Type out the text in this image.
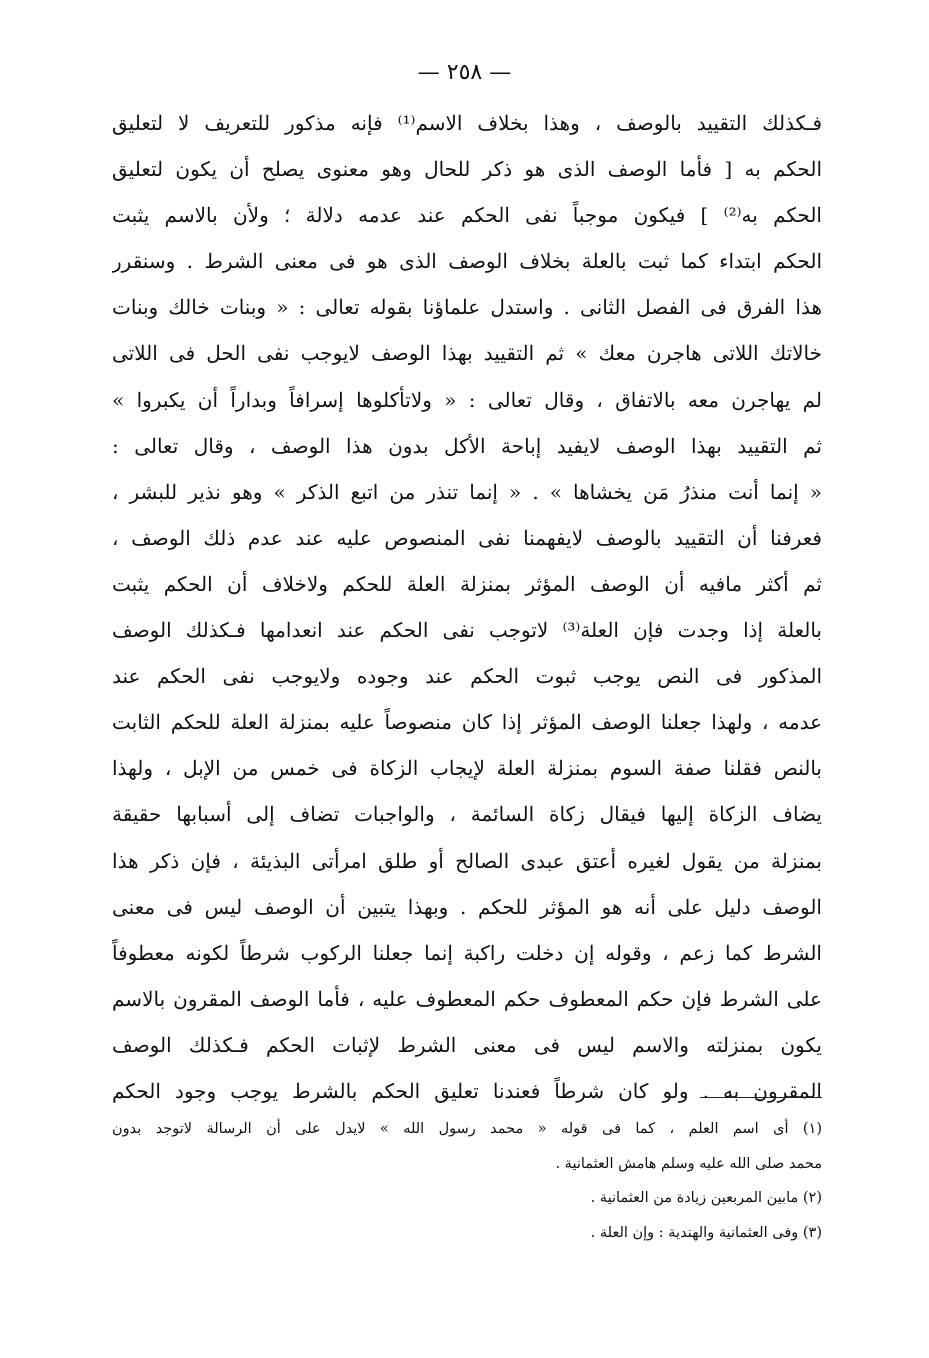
— ٢٥٨ —
فـكذلك التقييد بالوصف ، وهذا بخلاف الاسم⁽¹⁾ فإنه مذكور للتعريف لا لتعليق
الحكم به [ فأما الوصف الذى هو ذكر للحال وهو معنوى يصلح أن يكون لتعليق
الحكم به⁽²⁾ ] فيكون موجباً نفى الحكم عند عدمه دلالة ؛ ولأن بالاسم يثبت
الحكم ابتداء كما ثبت بالعلة بخلاف الوصف الذى هو فى معنى الشرط . وسنقرر
هذا الفرق فى الفصل الثانى . واستدل علماؤنا بقوله تعالى : « وبنات خالك وبنات
خالاتك اللاتى هاجرن معك » ثم التقييد بهذا الوصف لايوجب نفى الحل فى اللاتى
لم يهاجرن معه بالاتفاق ، وقال تعالى : « ولاتأكلوها إسرافاً وبداراً أن يكبروا »
ثم التقييد بهذا الوصف لايفيد إباحة الأكل بدون هذا الوصف ، وقال تعالى :
« إنما أنت منذرُ مَن يخشاها » . « إنما تنذر من اتبع الذكر » وهو نذير للبشر ،
فعرفنا أن التقييد بالوصف لايفهمنا نفى المنصوص عليه عند عدم ذلك الوصف ،
ثم أكثر مافيه أن الوصف المؤثر بمنزلة العلة للحكم ولاخلاف أن الحكم يثبت
بالعلة إذا وجدت فإن العلة⁽³⁾ لاتوجب نفى الحكم عند انعدامها فـكذلك الوصف
المذكور فى النص يوجب ثبوت الحكم عند وجوده ولايوجب نفى الحكم عند
عدمه ، ولهذا جعلنا الوصف المؤثر إذا كان منصوصاً عليه بمنزلة العلة للحكم الثابت
بالنص فقلنا صفة السوم بمنزلة العلة لإيجاب الزكاة فى خمس من الإبل ، ولهذا
يضاف الزكاة إليها فيقال زكاة السائمة ، والواجبات تضاف إلى أسبابها حقيقة
بمنزلة من يقول لغيره أعتق عبدى الصالح أو طلق امرأتى البذيئة ، فإن ذكر هذا
الوصف دليل على أنه هو المؤثر للحكم . وبهذا يتبين أن الوصف ليس فى معنى
الشرط كما زعم ، وقوله إن دخلت راكبة إنما جعلنا الركوب شرطاً لكونه معطوفاً
على الشرط فإن حكم المعطوف حكم المعطوف عليه ، فأما الوصف المقرون بالاسم
يكون بمنزلته والاسم ليس فى معنى الشرط لإثبات الحكم فـكذلك الوصف
المقرون به . ولو كان شرطاً فعندنا تعليق الحكم بالشرط يوجب وجود الحكم
(١) أى اسم العلم ، كما فى قوله « محمد رسول الله » لايدل على أن الرسالة لاتوجد بدون
محمد صلى الله عليه وسلم هامش العثمانية .
(٢) مابين المربعين زيادة من العثمانية .
(٣) وفى العثمانية والهندية : وإن العلة .
